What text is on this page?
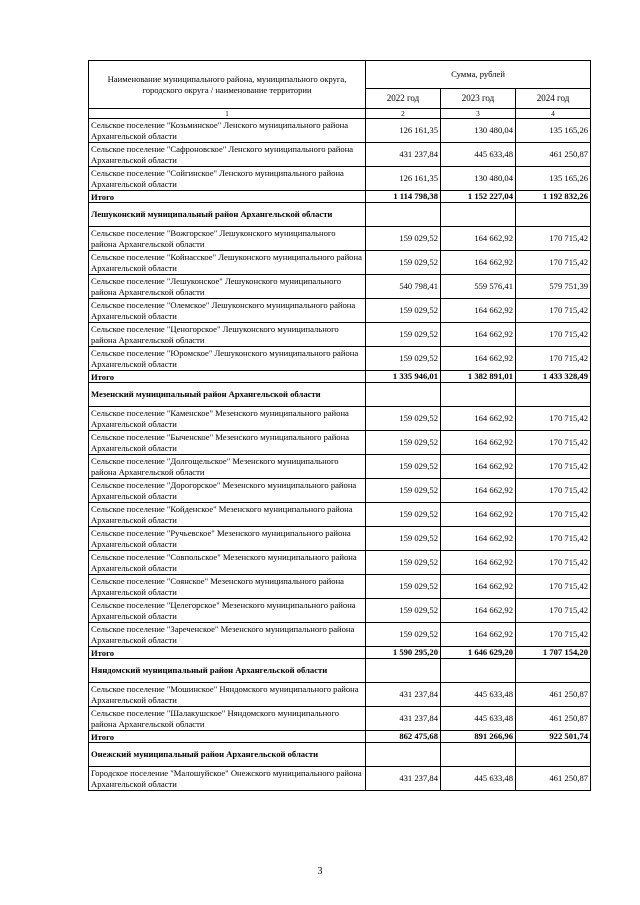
Наименование муниципального района, муниципального округа, городского округа / наименование территории	Сумма, рублей		
	2022 год	2023 год	2024 год
1	2	3	4
Сельское поселение "Козьминское" Ленского муниципального района Архангельской области	126 161,35	130 480,04	135 165,26
Сельское поселение "Сафроновское" Ленского муниципального района Архангельской области	431 237,84	445 633,48	461 250,87
Сельское поселение "Сойгинское" Ленского муниципального района Архангельской области	126 161,35	130 480,04	135 165,26
Итого	1 114 798,38	1 152 227,04	1 192 832,26
Лешуконский муниципальный район Архангельской области			
Сельское поселение "Вожгорское" Лешуконского муниципального района Архангельской области	159 029,52	164 662,92	170 715,42
Сельское поселение "Койнасское" Лешуконского муниципального района Архангельской области	159 029,52	164 662,92	170 715,42
Сельское поселение "Лешуконское" Лешуконского муниципального района Архангельской области	540 798,41	559 576,41	579 751,39
Сельское поселение "Олемское" Лешуконского муниципального района Архангельской области	159 029,52	164 662,92	170 715,42
Сельское поселение "Ценогорское" Лешуконского муниципального района Архангельской области	159 029,52	164 662,92	170 715,42
Сельское поселение "Юромское" Лешуконского муниципального района Архангельской области	159 029,52	164 662,92	170 715,42
Итого	1 335 946,01	1 382 891,01	1 433 328,49
Мезенский муниципальный район Архангельской области			
Сельское поселение "Каменское" Мезенского муниципального района Архангельской области	159 029,52	164 662,92	170 715,42
Сельское поселение "Быченское" Мезенского муниципального района Архангельской области	159 029,52	164 662,92	170 715,42
Сельское поселение "Долгощельское" Мезенского муниципального района Архангельской области	159 029,52	164 662,92	170 715,42
Сельское поселение "Дорогорское" Мезенского муниципального района Архангельской области	159 029,52	164 662,92	170 715,42
Сельское поселение "Койденское" Мезенского муниципального района Архангельской области	159 029,52	164 662,92	170 715,42
Сельское поселение "Ручьевское" Мезенского муниципального района Архангельской области	159 029,52	164 662,92	170 715,42
Сельское поселение "Совпольское" Мезенского муниципального района Архангельской области	159 029,52	164 662,92	170 715,42
Сельское поселение "Соянское" Мезенского муниципального района Архангельской области	159 029,52	164 662,92	170 715,42
Сельское поселение "Целегорское" Мезенского муниципального района Архангельской области	159 029,52	164 662,92	170 715,42
Сельское поселение "Зареченское" Мезенского муниципального района Архангельской области	159 029,52	164 662,92	170 715,42
Итого	1 590 295,20	1 646 629,20	1 707 154,20
Няндомский муниципальный район Архангельской области			
Сельское поселение "Мошинское" Няндомского муниципального района Архангельской области	431 237,84	445 633,48	461 250,87
Сельское поселение "Шалакушское" Няндомского муниципального района Архангельской области	431 237,84	445 633,48	461 250,87
Итого	862 475,68	891 266,96	922 501,74
Онежский муниципальный район Архангельской области			
Городское поселение "Малошуйское" Онежского муниципального района Архангельской области	431 237,84	445 633,48	461 250,87
3
